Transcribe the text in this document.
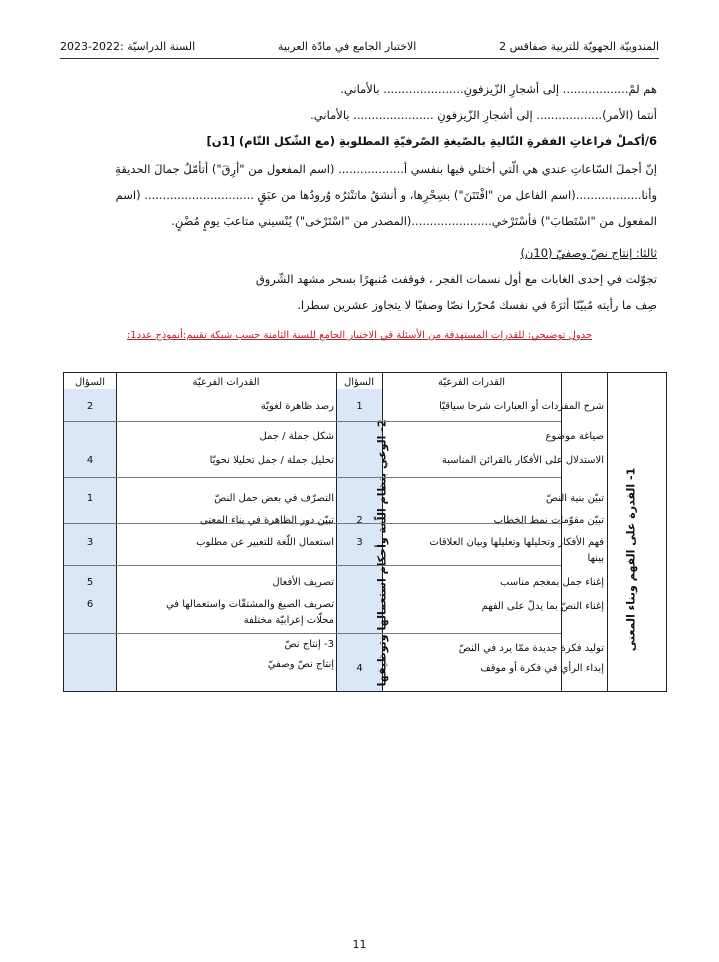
المندوبيّة الجهويّة للتربية صفاقس 2
الاختبار الجامع في مادّة العربية
السنة الدراسيّة :2022-2023
هم لمْ.................. إلى أشجارِ الزّيزفونِ...................... بالأماني.
أنتما (الأمر).................. إلى أشجارِ الزّيزفونِ ...................... بالأماني.
6/أكملْ فراغاتِ الفقرةِ التّاليةِ بالصّيغةِ الصّرفيّةِ المطلوبةِ (مع الشّكل التّام) [1ن]
إنّ أجملَ السّاعاتِ عندي هي الّتي أختلي فيها بنفسي أ.................. (اسم المفعول من "أرِقَ") أتأمّلُ جمالَ الحديقةِ
وأنا..................(اسم الفاعل من "افْتَتَنَ") بسِحْرِها، و أنشقُ ماتنْثرُه وُرودُها من عبَقٍ .............................. (اسم
المفعول من "اسْتَطابَ") فأسْتَرْخي......................(المصدر من "اسْتَرْخى") يُنْسيني متاعبَ يومٍ مُضْنٍ.
ثالثا: إنتاج نصّ وصفيّ (10ن)
تجوّلت في إحدى الغابات مع أول نسمات الفجر ، فوقفت مُنبهرًا بسحر مشهد الشّروق
صِف ما رأيته مُبيّنًا أثرَهُ في نفسك مُحرّرا نصّا وصفيّا لا يتجاوز عشرين سطرا.
جدول توضيحي: للقدرات المستهدفة من الأسئلة في الاختبار الجامع للسنة الثامنة حسب شبكة تقييم:أنموذج عدد1:
القدرات الفرعيّة
السؤال
القدرات الفرعيّة
السؤال
1- القدرة على الفهم وبناء المعنى
2- الوعي بنظام اللّغة وأحكام استعمالها وتوظيفها
شرح المفردات أو العبارات شرحا سياقيّا
1
صياغة موضوع
الاستدلال على الأفكار بالقرائن المناسبة
تبيّن بنية النصّ
تبيّن مقوّمات نمط الخطاب
2
فهم الأفكار وتحليلها وتعليلها وبيان العلاقات
3
بينها
إغناء جمل بمعجم مناسب
إغناء النصّ بما يدلّ على الفهم
توليد فكرة جديدة ممّا يرد في النصّ
إبداء الرأي في فكرة أو موقف
4
رصد ظاهرة لغويّة
2
شكل جملة / جمل
تحليل جملة / جمل تحليلا نحويّا
4
التصرّف في بعض جمل النصّ
1
تبيّن دور الظاهرة في بناء المعنى
استعمال اللّغة للتعبير عن مطلوب
3
تصريف الأفعال
5
تصريف الصيغ والمشتقّات واستعمالها في
6
محلّات إعرابيّة مختلفة
3- إنتاج نصّ
إنتاج نصّ وصفيّ
11
